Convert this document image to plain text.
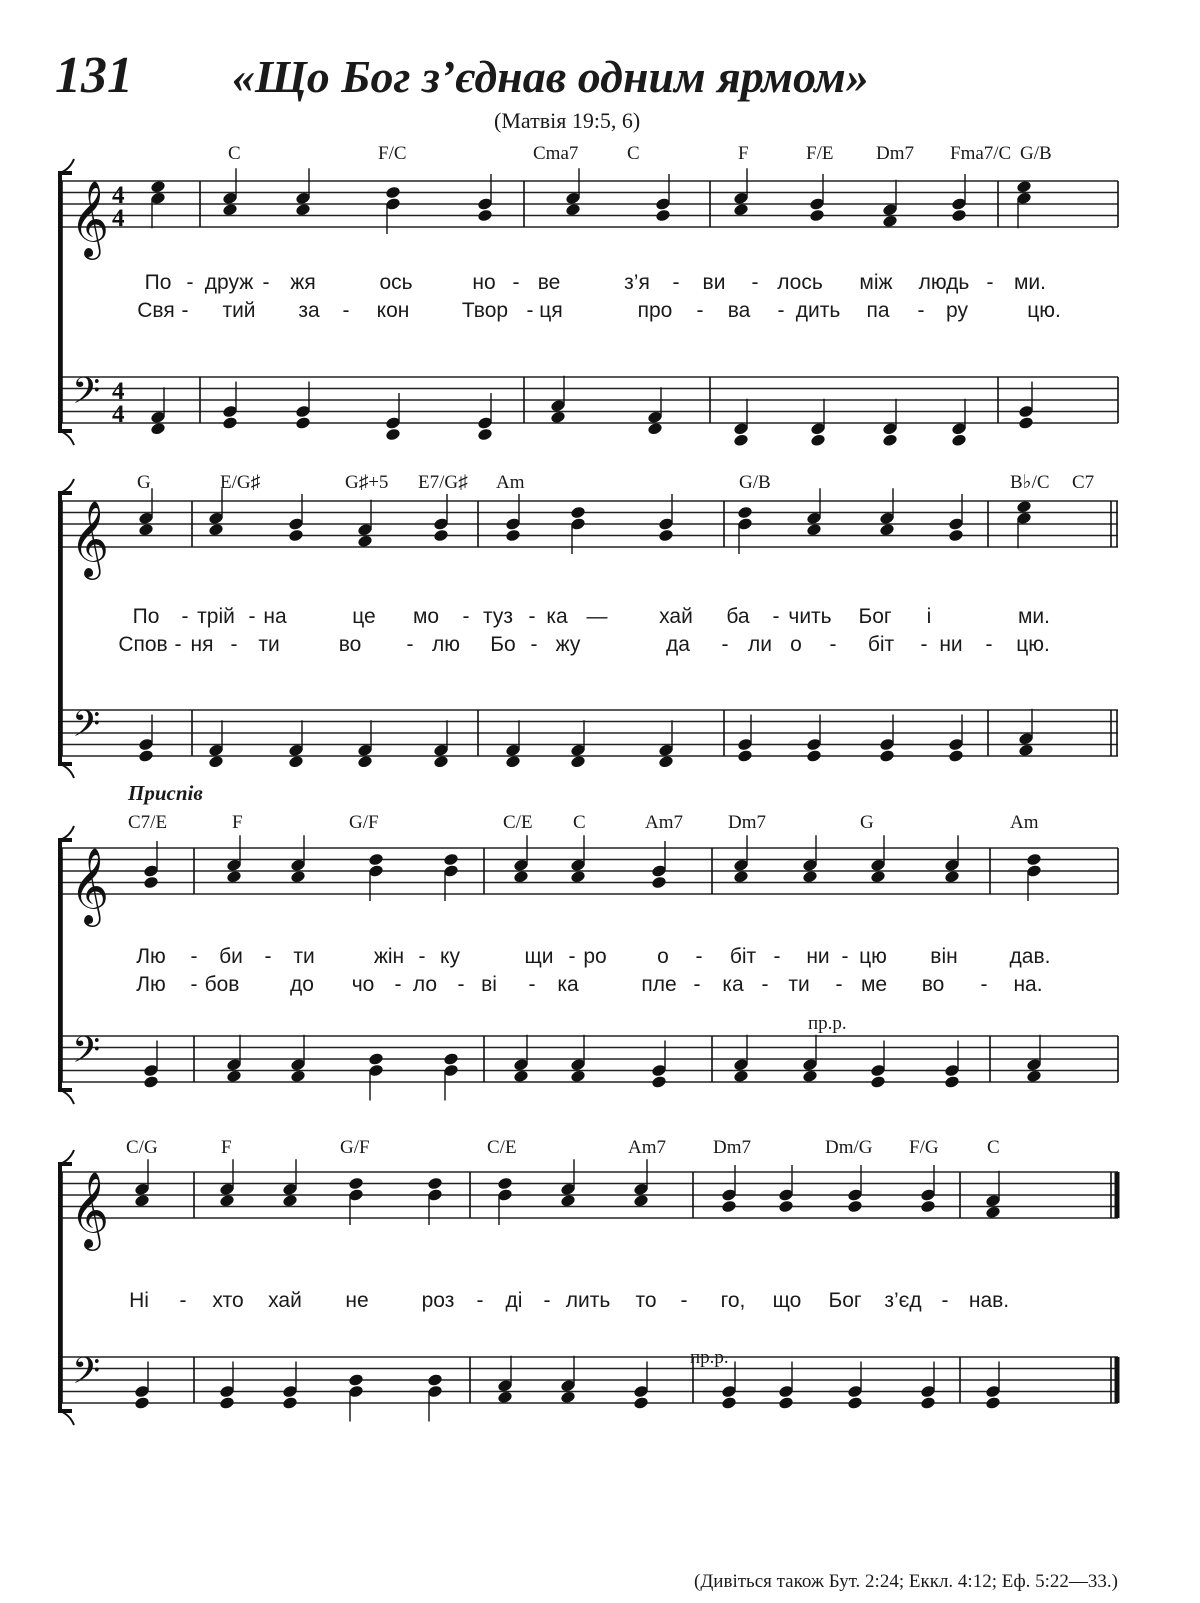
131 «Що Бог з’єднав одним ярмом»
(Матвія 19:5, 6)
Приспів
(Дивіться також Бут. 2:24; Еккл. 4:12; Еф. 5:22—33.)
𝄞
𝄢
4
4
4
4
𝄞
𝄢
𝄞
𝄢
𝄞
𝄢
C	F/C	Cma7	C	F	F/E Dm7 Fma7/C G/B
По - друж - жя	ось	но - ве	з’я - ви - лось між людь - ми.
Свя - тий за - кон	Твор - ця	про - ва - дить па - ру	цю.
G	E/G♯	G♯+5 E7/G♯ Am	G/B	B♭/C C7
По - трій - на	це мо - туз - ка — хай ба - чить Бог і	ми.
Спов - ня - ти	во - лю Бо - жу	да - ли о - біт - ни - цю.
C7/E	F	G/F	C/E C	Am7 Dm7	G	Am
Лю - би - ти	жін - ку	щи - ро о - біт - ни - цю він дав.
Лю - бов до чо - ло - ві - ка	пле - ка - ти - ме во - на.
пр.р.
C/G	F	G/F	C/E	Am7 Dm7	Dm/G F/G	C
Ні - хто хай не	роз - ді - лить то - го, що Бог з’єд - нав.
пр.р.
